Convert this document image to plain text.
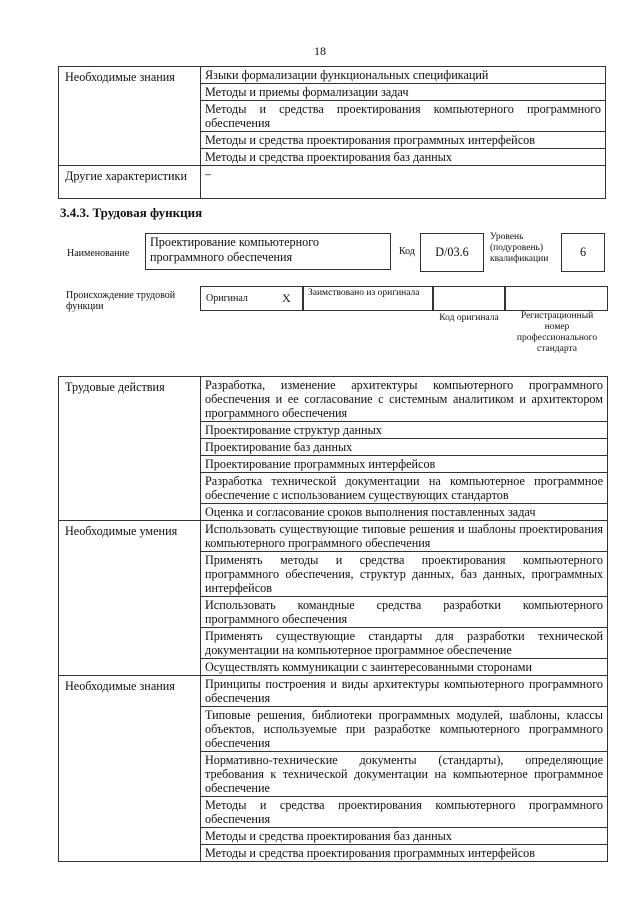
18
Необходимые знания	Языки формализации функциональных спецификаций
	Методы и приемы формализации задач
	Методы и средства проектирования компьютерного программного обеспечения
	Методы и средства проектирования программных интерфейсов
	Методы и средства проектирования баз данных
Другие характеристики	–
3.4.3. Трудовая функция
Наименование
Проектирование компьютерного программного обеспечения	Код	D/03.6
Уровень (подуровень) квалификации	6
Происхождение трудовой функции
Оригинал	X Заимствовано из оригинала
Код оригинала	Регистрационный номер профессионального стандарта
Трудовые действия	Разработка, изменение архитектуры компьютерного программного обеспечения и ее согласование с системным аналитиком и архитектором программного обеспечения
	Проектирование структур данных
	Проектирование баз данных
	Проектирование программных интерфейсов
	Разработка технической документации на компьютерное программное обеспечение с использованием существующих стандартов
	Оценка и согласование сроков выполнения поставленных задач
Необходимые умения	Использовать существующие типовые решения и шаблоны проектирования компьютерного программного обеспечения
	Применять методы и средства проектирования компьютерного программного обеспечения, структур данных, баз данных, программных интерфейсов
	Использовать командные средства разработки компьютерного программного обеспечения
	Применять существующие стандарты для разработки технической документации на компьютерное программное обеспечение
	Осуществлять коммуникации с заинтересованными сторонами
Необходимые знания	Принципы построения и виды архитектуры компьютерного программного обеспечения
	Типовые решения, библиотеки программных модулей, шаблоны, классы объектов, используемые при разработке компьютерного программного обеспечения
	Нормативно-технические документы (стандарты), определяющие требования к технической документации на компьютерное программное обеспечение
	Методы и средства проектирования компьютерного программного обеспечения
	Методы и средства проектирования баз данных
	Методы и средства проектирования программных интерфейсов
